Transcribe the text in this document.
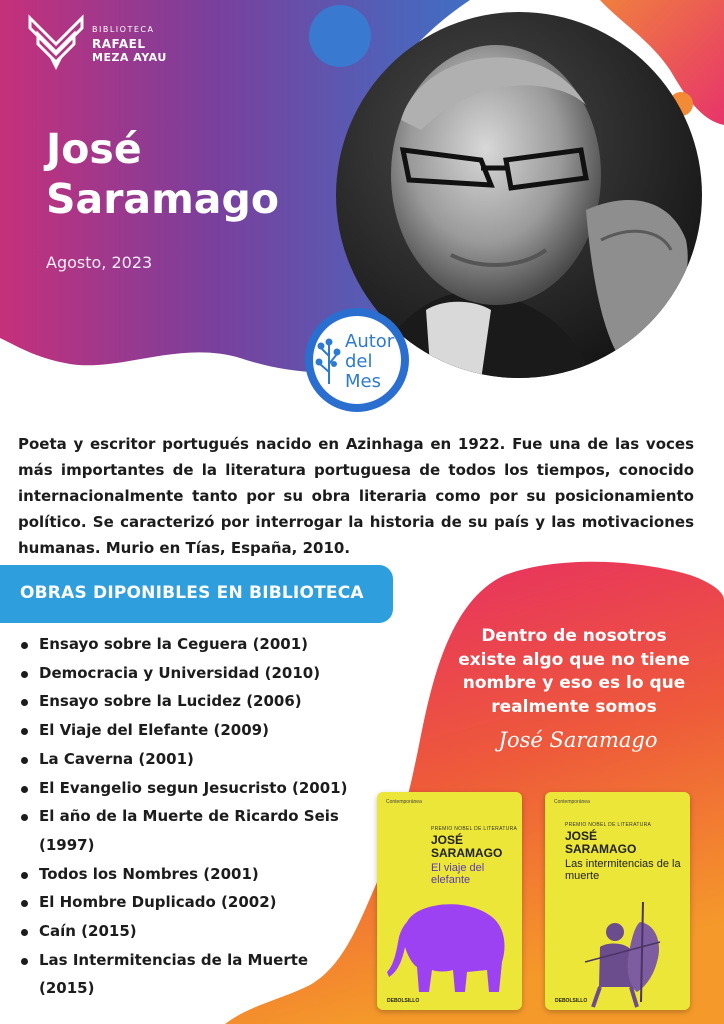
BIBLIOTECA
RAFAEL
MEZA AYAU
José
Saramago
Agosto, 2023
Autor
del
Mes

Poeta y escritor portugués nacido en Azinhaga en 1922. Fue una de las voces más importantes de la literatura portuguesa de todos los tiempos, conocido internacionalmente tanto por su obra literaria como por su posicionamiento político. Se caracterizó por interrogar la historia de su país y las motivaciones humanas. Murio en Tías, España, 2010.

OBRAS DIPONIBLES EN BIBLIOTECA
Ensayo sobre la Ceguera (2001)
Democracia y Universidad (2010)
Ensayo sobre la Lucidez (2006)
El Viaje del Elefante (2009)
La Caverna (2001)
El Evangelio segun Jesucristo (2001)
El año de la Muerte de Ricardo Seis (1997)
Todos los Nombres (2001)
El Hombre Duplicado (2002)
Caín (2015)
Las Intermitencias de la Muerte (2015)

Dentro de nosotros existe algo que no tiene nombre y eso es lo que realmente somos

José Saramago
Contemporánea
PREMIO NOBEL DE LITERATURA
JOSÉ
SARAMAGO
El viaje del elefante
DEBOLSILLO
Contemporánea
PREMIO NOBEL DE LITERATURA
JOSÉ
SARAMAGO
Las intermitencias de la muerte
DEBOLSILLO
